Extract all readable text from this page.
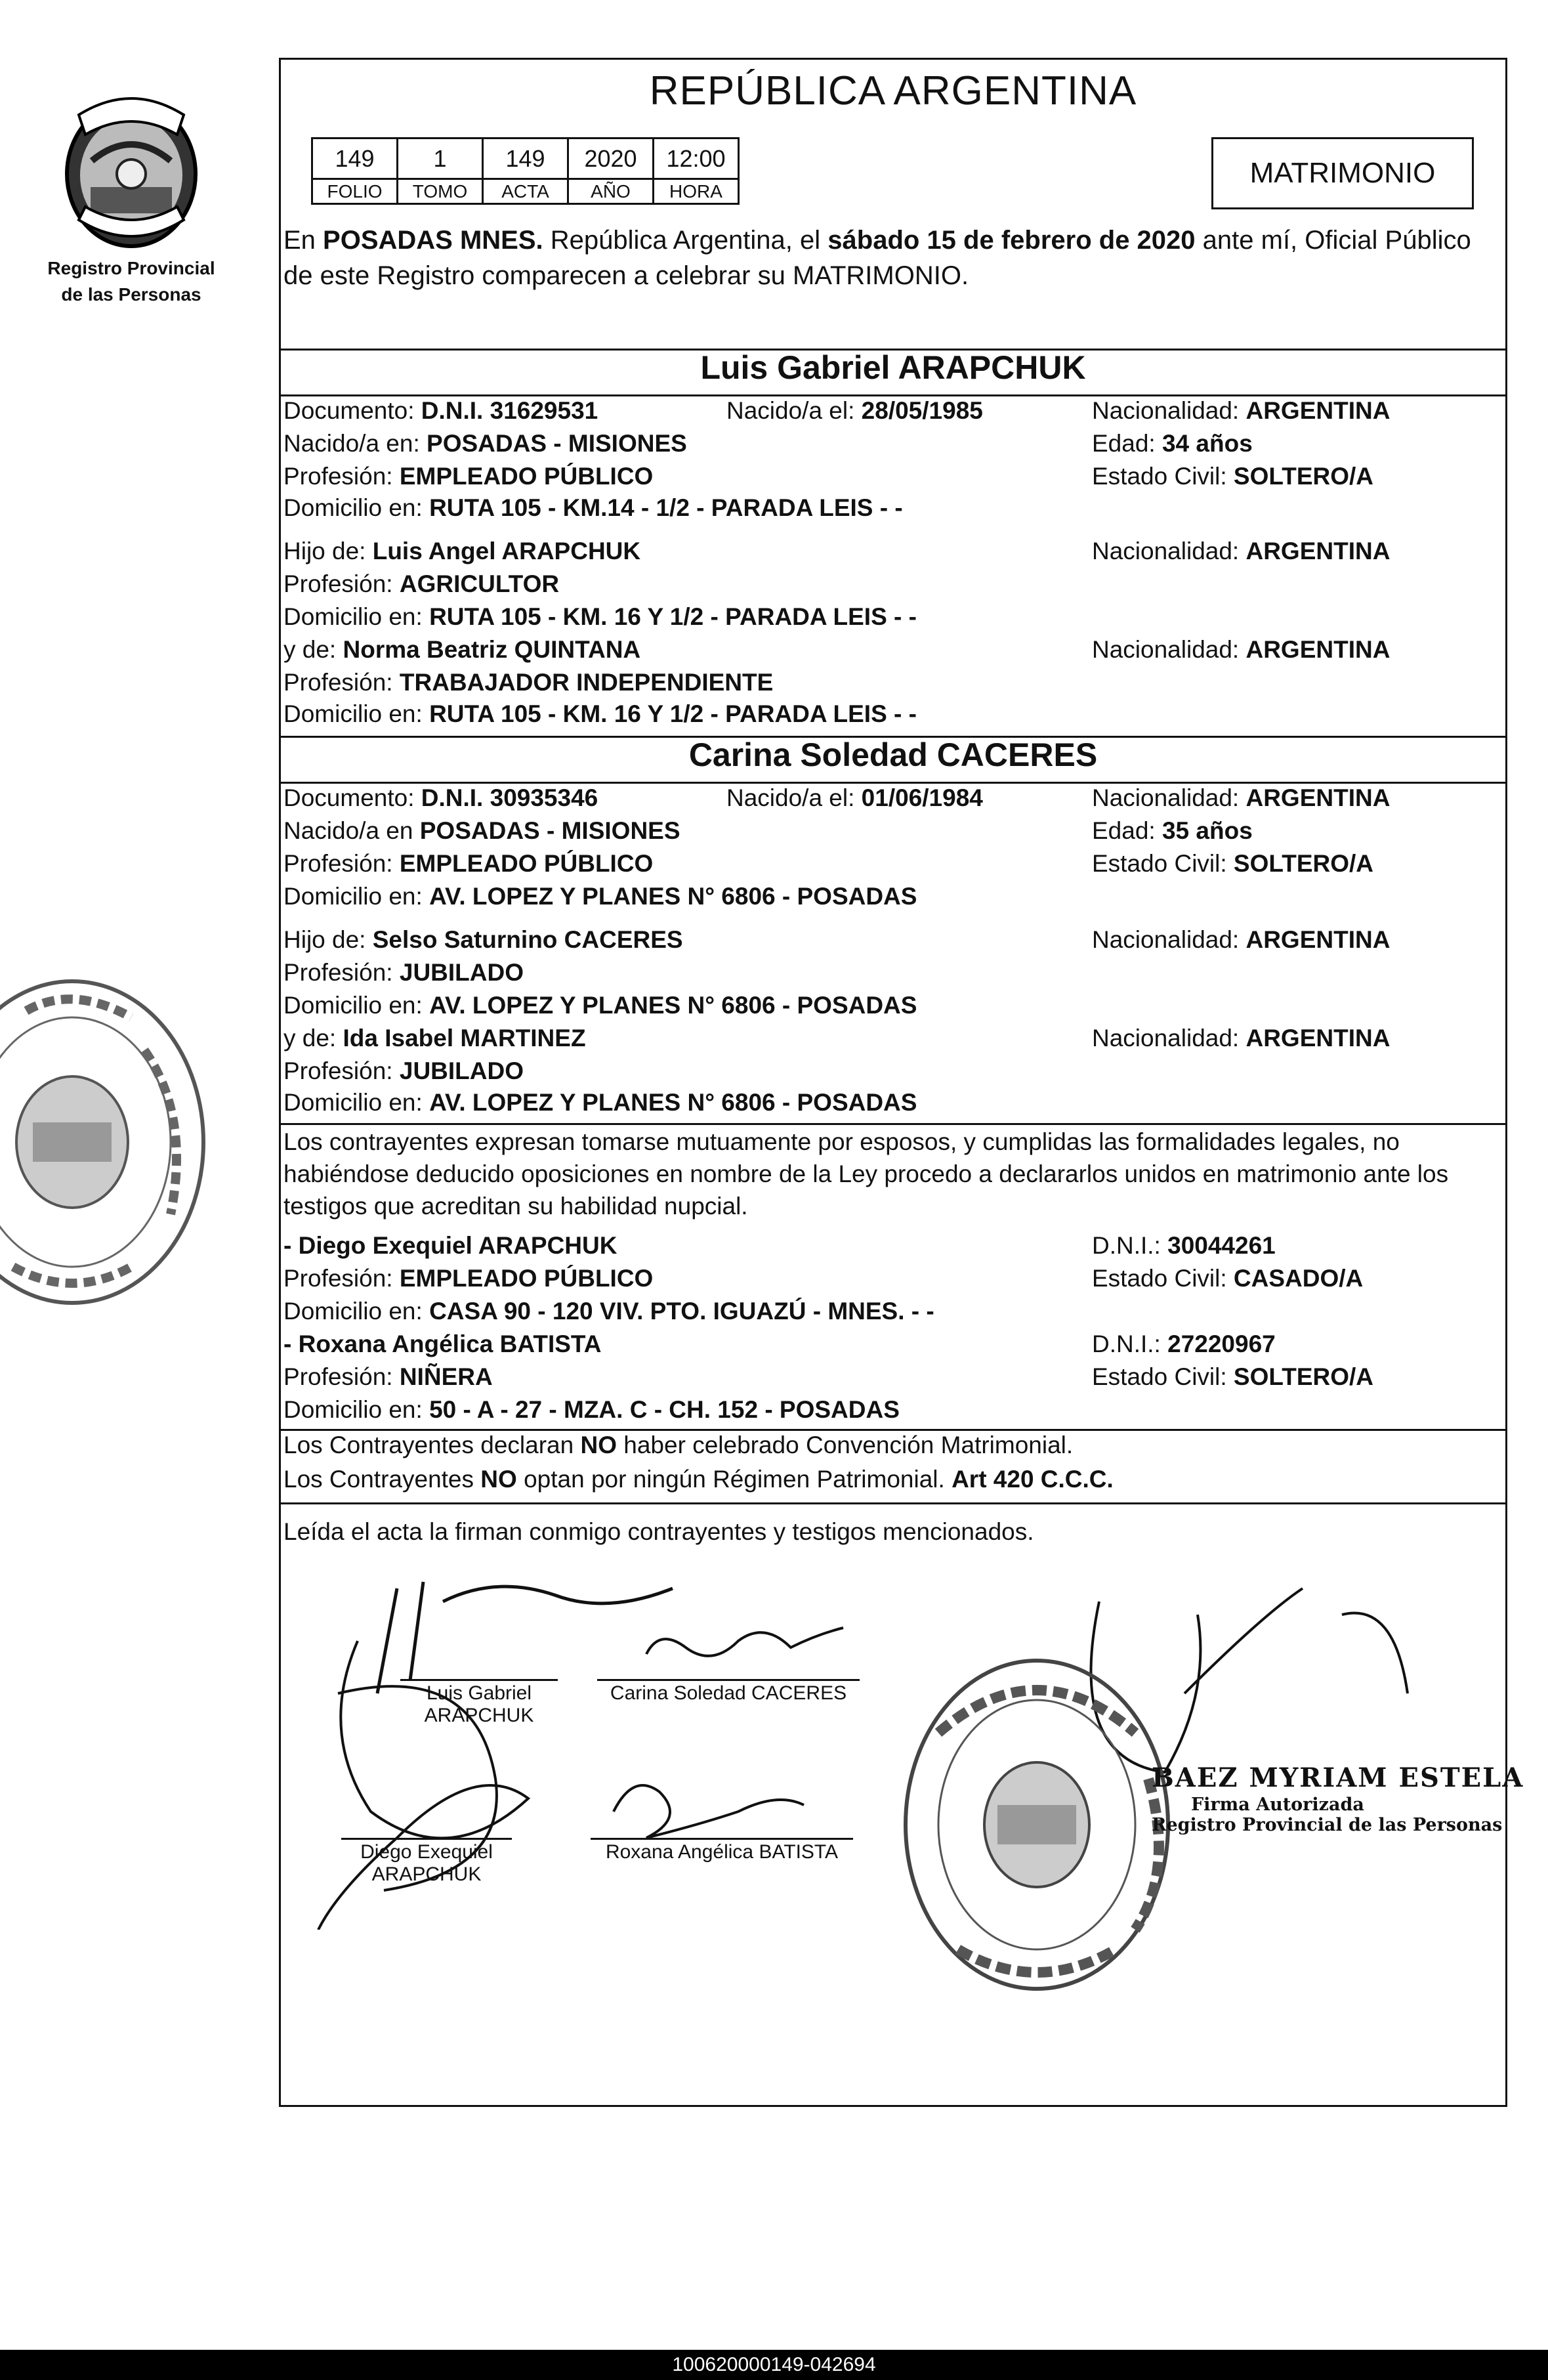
Registro Provincial
de las Personas
REPÚBLICA ARGENTINA
149	1	149	2020	12:00
FOLIO	TOMO	ACTA	AÑO	HORA
MATRIMONIO
En POSADAS MNES. República Argentina, el sábado 15 de febrero de 2020 ante mí, Oficial Público de este Registro comparecen a celebrar su MATRIMONIO.
Luis Gabriel ARAPCHUK
Documento: D.N.I. 31629531	Nacido/a el: 28/05/1985	Nacionalidad: ARGENTINA
Nacido/a en: POSADAS - MISIONES	Edad: 34 años
Profesión: EMPLEADO PÚBLICO	Estado Civil: SOLTERO/A
Domicilio en: RUTA 105 - KM.14 - 1/2 - PARADA LEIS - -
Hijo de: Luis Angel ARAPCHUK	Nacionalidad: ARGENTINA
Profesión: AGRICULTOR
Domicilio en: RUTA 105 - KM. 16 Y 1/2 - PARADA LEIS - -
y de: Norma Beatriz QUINTANA	Nacionalidad: ARGENTINA
Profesión: TRABAJADOR INDEPENDIENTE
Domicilio en: RUTA 105 - KM. 16 Y 1/2 - PARADA LEIS - -
Carina Soledad CACERES
Documento: D.N.I. 30935346	Nacido/a el: 01/06/1984	Nacionalidad: ARGENTINA
Nacido/a en POSADAS - MISIONES	Edad: 35 años
Profesión: EMPLEADO PÚBLICO	Estado Civil: SOLTERO/A
Domicilio en: AV. LOPEZ Y PLANES N° 6806 - POSADAS
Hijo de: Selso Saturnino CACERES	Nacionalidad: ARGENTINA
Profesión: JUBILADO
Domicilio en: AV. LOPEZ Y PLANES N° 6806 - POSADAS
y de: Ida Isabel MARTINEZ	Nacionalidad: ARGENTINA
Profesión: JUBILADO
Domicilio en: AV. LOPEZ Y PLANES N° 6806 - POSADAS
Los contrayentes expresan tomarse mutuamente por esposos, y cumplidas las formalidades legales, no habiéndose deducido oposiciones en nombre de la Ley procedo a declararlos unidos en matrimonio ante los testigos que acreditan su habilidad nupcial.
- Diego Exequiel ARAPCHUK	D.N.I.: 30044261
Profesión: EMPLEADO PÚBLICO	Estado Civil: CASADO/A
Domicilio en: CASA 90 - 120 VIV. PTO. IGUAZÚ - MNES. - -
- Roxana Angélica BATISTA	D.N.I.: 27220967
Profesión: NIÑERA	Estado Civil: SOLTERO/A
Domicilio en: 50 - A - 27 - MZA. C - CH. 152 - POSADAS
Los Contrayentes declaran NO haber celebrado Convención Matrimonial.
Los Contrayentes NO optan por ningún Régimen Patrimonial. Art 420 C.C.C.
Leída el acta la firman conmigo contrayentes y testigos mencionados.
Luis Gabriel ARAPCHUK
Carina Soledad CACERES
Diego Exequiel
ARAPCHUK
Roxana Angélica BATISTA
BAEZ MYRIAM ESTELA
Firma Autorizada
Registro Provincial de las Personas
100620000149-042694
